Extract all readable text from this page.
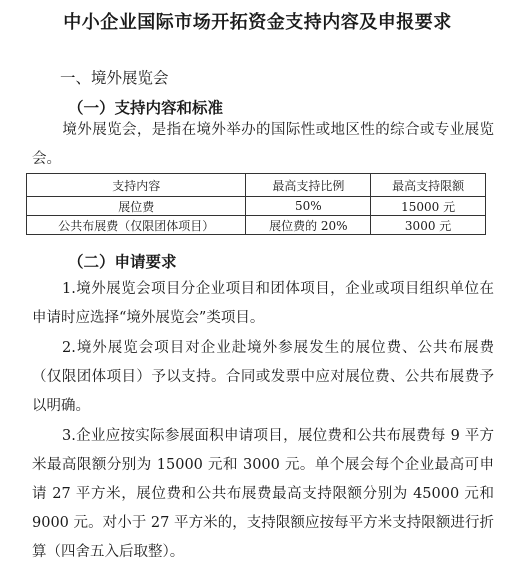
中小企业国际市场开拓资金支持内容及申报要求
一、境外展览会
（一）支持内容和标准
境外展览会，是指在境外举办的国际性或地区性的综合或专业展览会。
支持内容	最高支持比例	最高支持限额
展位费	50%	15000 元
公共布展费（仅限团体项目）	展位费的 20%	3000 元
（二）申请要求
1.境外展览会项目分企业项目和团体项目，企业或项目组织单位在申请时应选择“境外展览会”类项目。
2.境外展览会项目对企业赴境外参展发生的展位费、公共布展费（仅限团体项目）予以支持。合同或发票中应对展位费、公共布展费予以明确。
3.企业应按实际参展面积申请项目，展位费和公共布展费每 9 平方米最高限额分别为 15000 元和 3000 元。单个展会每个企业最高可申请 27 平方米，展位费和公共布展费最高支持限额分别为 45000 元和 9000 元。对小于 27 平方米的，支持限额应按每平方米支持限额进行折算（四舍五入后取整）。
